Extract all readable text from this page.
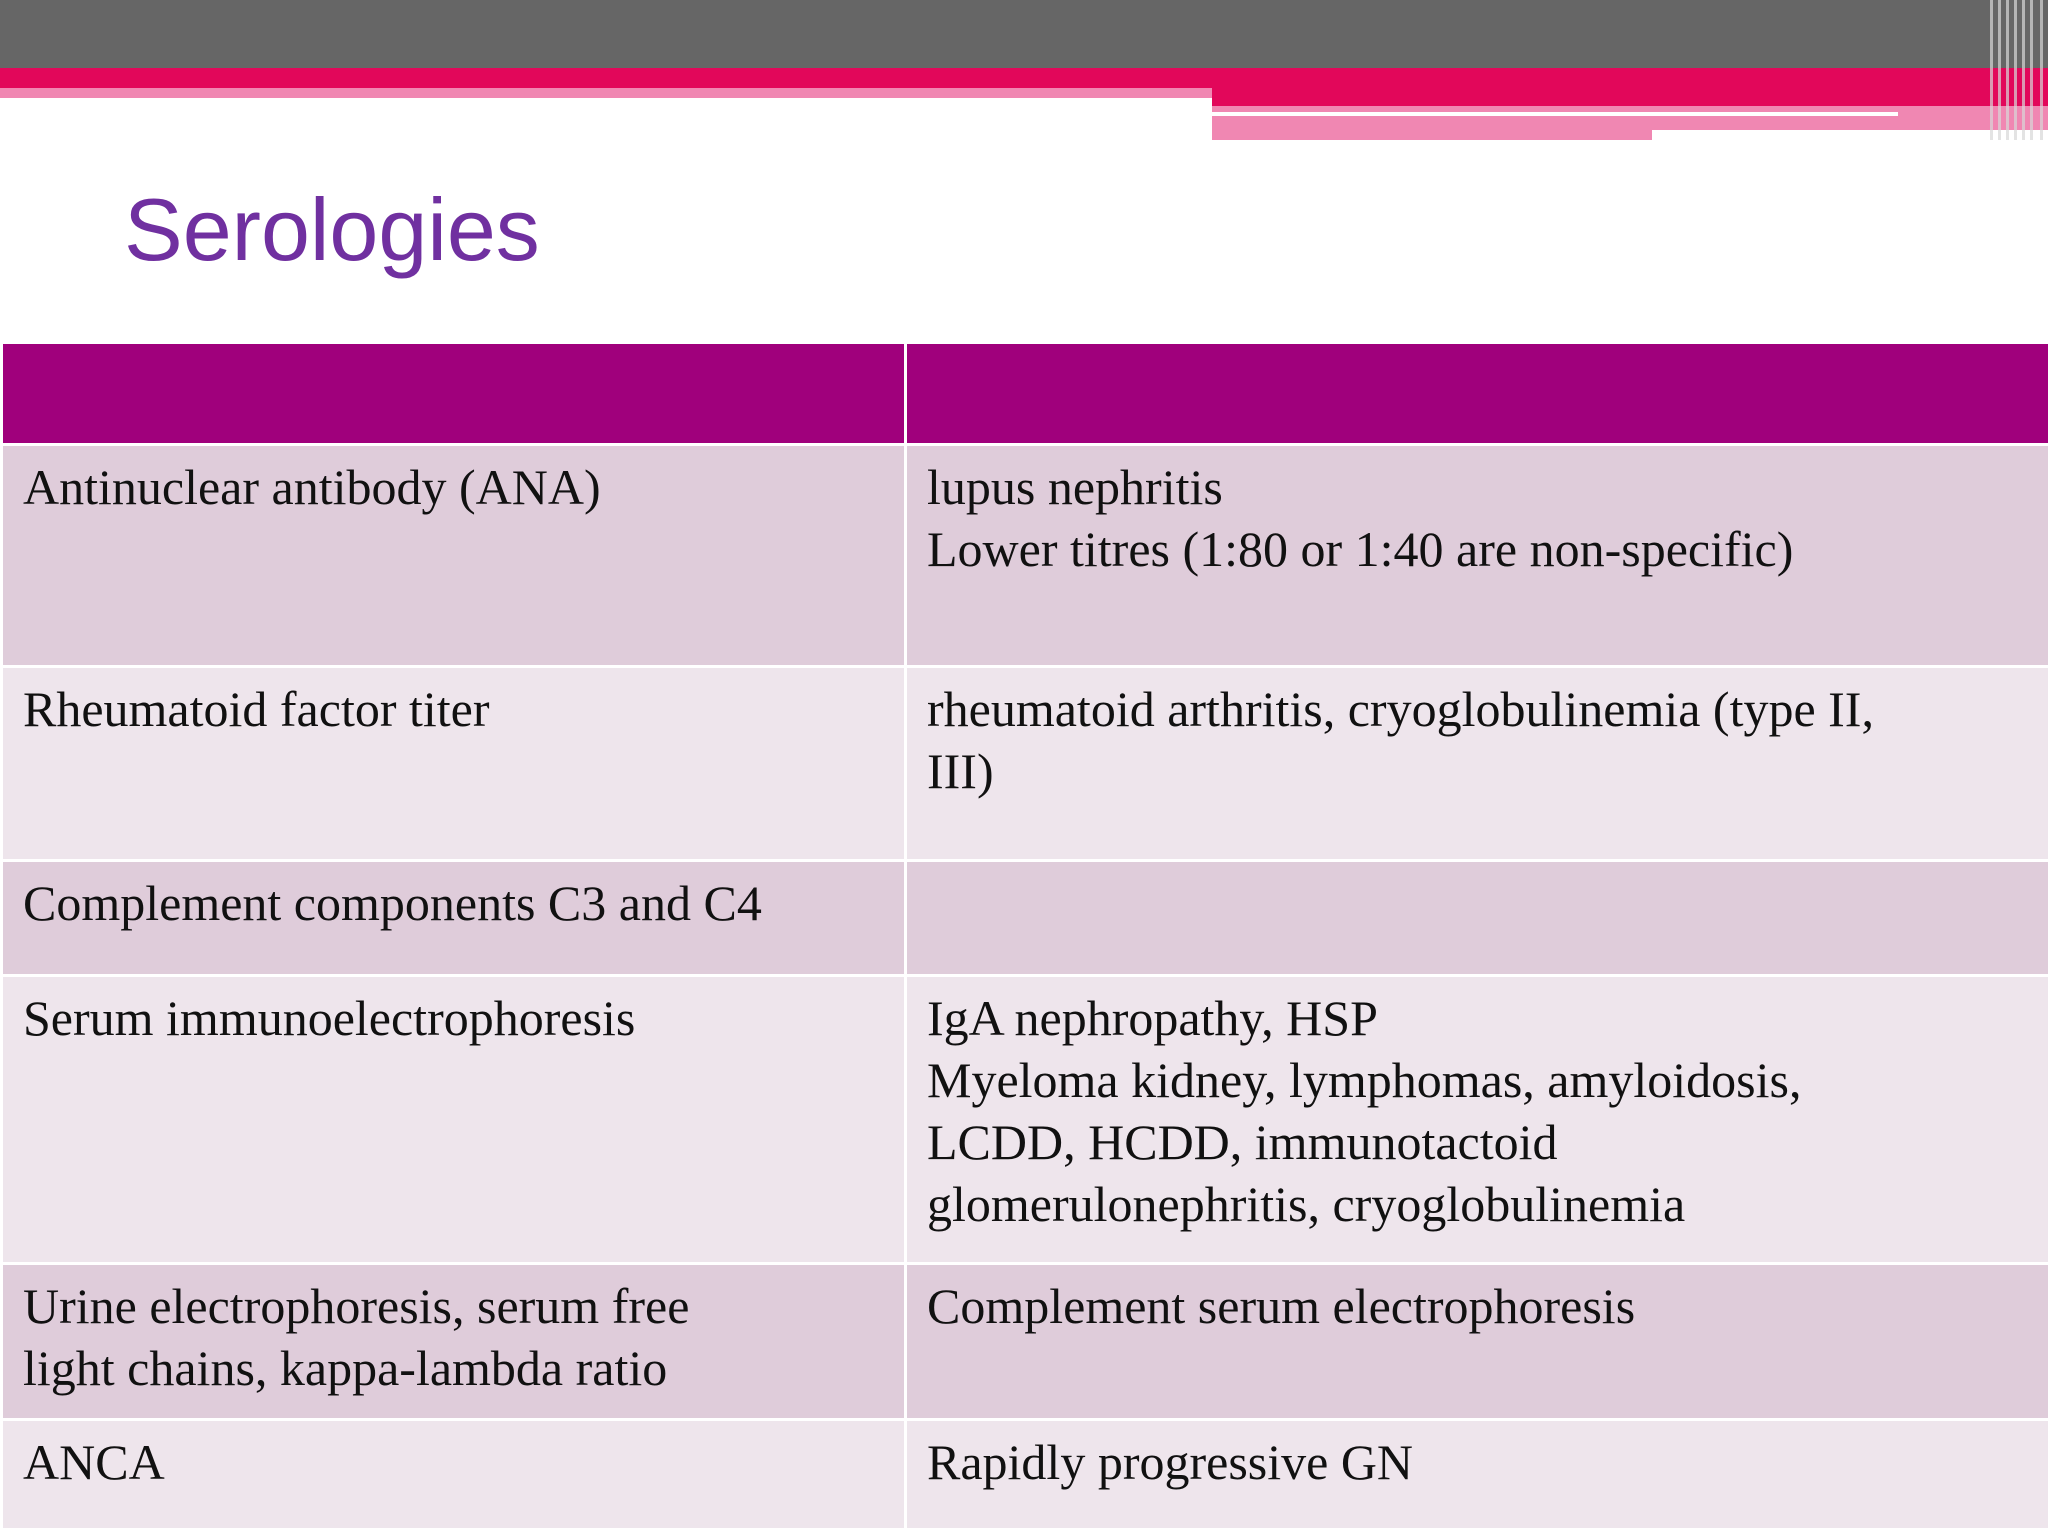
Serologies

Antinuclear antibody (ANA)	lupus nephritis
Lower titres (1:80 or 1:40 are non-specific)

Rheumatoid factor titer	rheumatoid arthritis, cryoglobulinemia (type II,
III)

Complement components C3 and C4	

Serum immunoelectrophoresis	IgA nephropathy, HSP
Myeloma kidney, lymphomas, amyloidosis,
LCDD, HCDD, immunotactoid
glomerulonephritis, cryoglobulinemia

Urine electrophoresis, serum free
light chains, kappa-lambda ratio	Complement serum electrophoresis

ANCA	Rapidly progressive GN
